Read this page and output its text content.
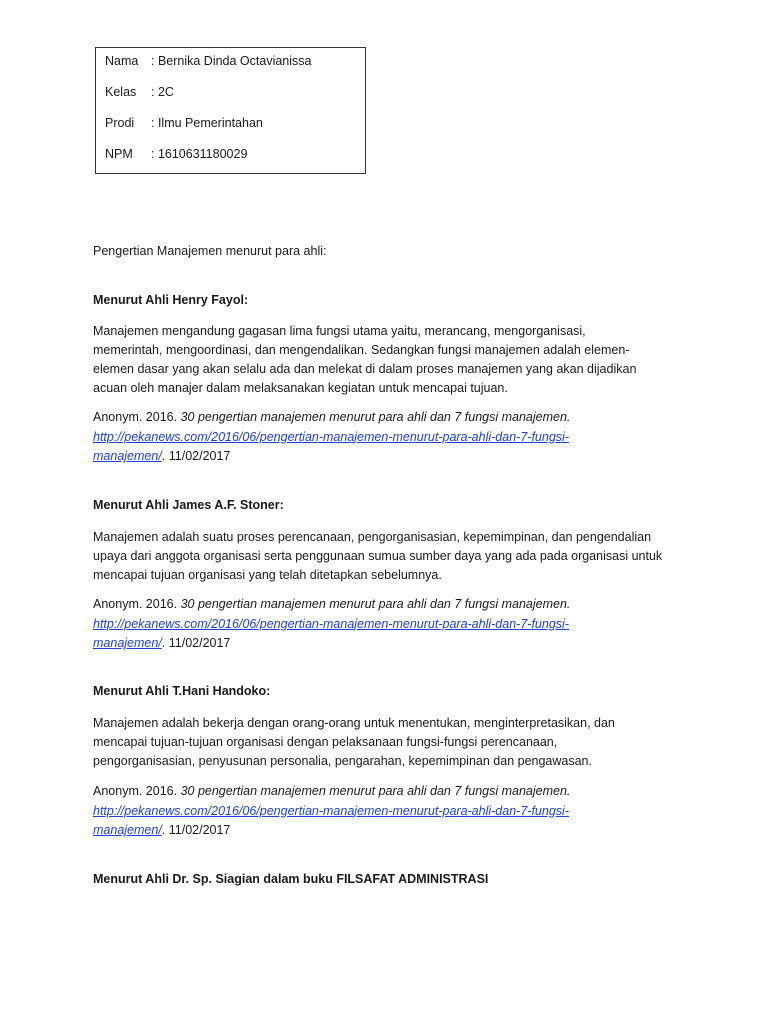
Nama : Bernika Dinda Octavianissa
Kelas : 2C
Prodi : Ilmu Pemerintahan
NPM : 1610631180029
Pengertian Manajemen menurut para ahli:
Menurut Ahli Henry Fayol:
Manajemen mengandung gagasan lima fungsi utama yaitu, merancang, mengorganisasi,
memerintah, mengoordinasi, dan mengendalikan. Sedangkan fungsi manajemen adalah elemen-
elemen dasar yang akan selalu ada dan melekat di dalam proses manajemen yang akan dijadikan
acuan oleh manajer dalam melaksanakan kegiatan untuk mencapai tujuan.
Anonym. 2016. 30 pengertian manajemen menurut para ahli dan 7 fungsi manajemen.
http://pekanews.com/2016/06/pengertian-manajemen-menurut-para-ahli-dan-7-fungsi-
manajemen/. 11/02/2017
Menurut Ahli James A.F. Stoner:
Manajemen adalah suatu proses perencanaan, pengorganisasian, kepemimpinan, dan pengendalian
upaya dari anggota organisasi serta penggunaan sumua sumber daya yang ada pada organisasi untuk
mencapai tujuan organisasi yang telah ditetapkan sebelumnya.
Anonym. 2016. 30 pengertian manajemen menurut para ahli dan 7 fungsi manajemen.
http://pekanews.com/2016/06/pengertian-manajemen-menurut-para-ahli-dan-7-fungsi-
manajemen/. 11/02/2017
Menurut Ahli T.Hani Handoko:
Manajemen adalah bekerja dengan orang-orang untuk menentukan, menginterpretasikan, dan
mencapai tujuan-tujuan organisasi dengan pelaksanaan fungsi-fungsi perencanaan,
pengorganisasian, penyusunan personalia, pengarahan, kepemimpinan dan pengawasan.
Anonym. 2016. 30 pengertian manajemen menurut para ahli dan 7 fungsi manajemen.
http://pekanews.com/2016/06/pengertian-manajemen-menurut-para-ahli-dan-7-fungsi-
manajemen/. 11/02/2017
Menurut Ahli Dr. Sp. Siagian dalam buku FILSAFAT ADMINISTRASI
